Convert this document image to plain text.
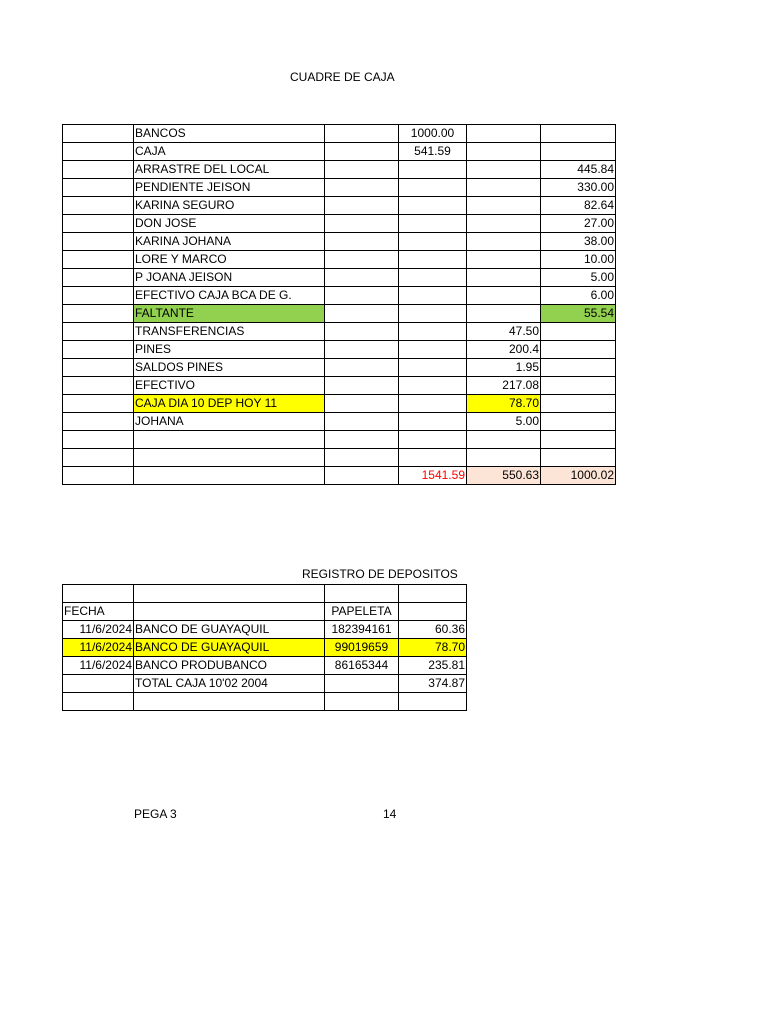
CUADRE DE CAJA
	BANCOS		1000.00		
	CAJA		541.59		
	ARRASTRE DEL LOCAL				445.84
	PENDIENTE JEISON				330.00
	KARINA SEGURO				82.64
	DON JOSE				27.00
	KARINA JOHANA				38.00
	LORE Y MARCO				10.00
	P JOANA JEISON				5.00
	EFECTIVO CAJA BCA DE G.				6.00
	FALTANTE				55.54
	TRANSFERENCIAS			47.50	
	PINES			200.4	
	SALDOS PINES			1.95	
	EFECTIVO			217.08	
	CAJA DIA 10 DEP HOY 11			78.70	
	JOHANA			5.00	

			1541.59	550.63	1000.02
REGISTRO DE DEPOSITOS

FECHA		PAPELETA	
11/6/2024	BANCO DE GUAYAQUIL	182394161	60.36
11/6/2024	BANCO DE GUAYAQUIL	99019659	78.70
11/6/2024	BANCO PRODUBANCO	86165344	235.81
	TOTAL CAJA 10'02 2004		374.87

PEGA 3	14
